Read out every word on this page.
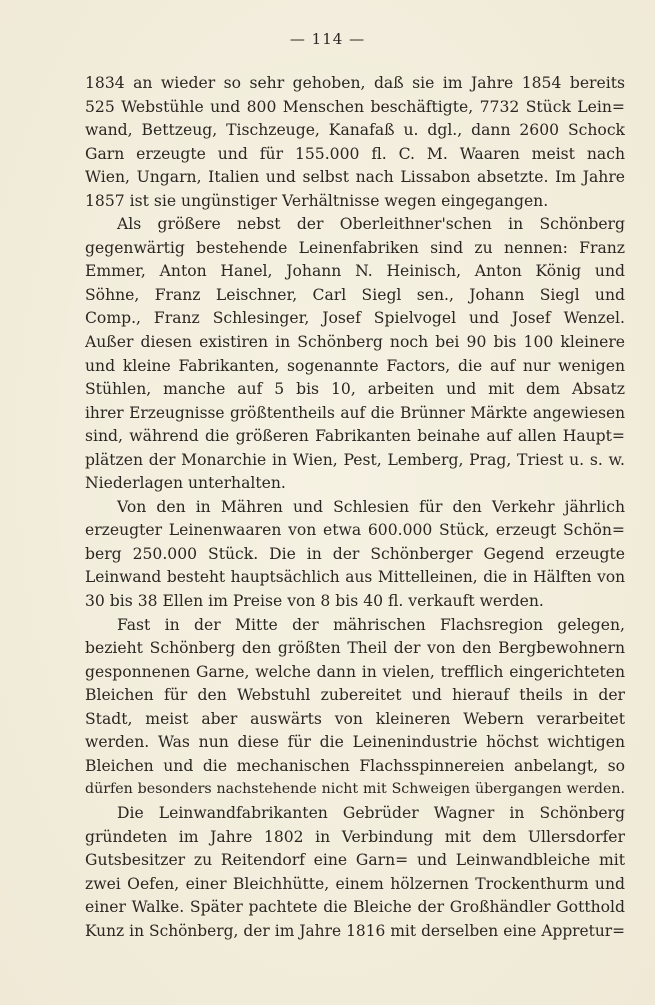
— 114 —
1834 an wieder so sehr gehoben, daß sie im Jahre 1854 bereits
525 Webstühle und 800 Menschen beschäftigte, 7732 Stück Lein=
wand, Bettzeug, Tischzeuge, Kanafaß u. dgl., dann 2600 Schock
Garn erzeugte und für 155.000 fl. C. M. Waaren meist nach
Wien, Ungarn, Italien und selbst nach Lissabon absetzte. Im Jahre
1857 ist sie ungünstiger Verhältnisse wegen eingegangen.
Als größere nebst der Oberleithner'schen in Schönberg
gegenwärtig bestehende Leinenfabriken sind zu nennen: Franz
Emmer, Anton Hanel, Johann N. Heinisch, Anton König und
Söhne, Franz Leischner, Carl Siegl sen., Johann Siegl und
Comp., Franz Schlesinger, Josef Spielvogel und Josef Wenzel.
Außer diesen existiren in Schönberg noch bei 90 bis 100 kleinere
und kleine Fabrikanten, sogenannte Factors, die auf nur wenigen
Stühlen, manche auf 5 bis 10, arbeiten und mit dem Absatz
ihrer Erzeugnisse größtentheils auf die Brünner Märkte angewiesen
sind, während die größeren Fabrikanten beinahe auf allen Haupt=
plätzen der Monarchie in Wien, Pest, Lemberg, Prag, Triest u. s. w.
Niederlagen unterhalten.
Von den in Mähren und Schlesien für den Verkehr jährlich
erzeugter Leinenwaaren von etwa 600.000 Stück, erzeugt Schön=
berg 250.000 Stück. Die in der Schönberger Gegend erzeugte
Leinwand besteht hauptsächlich aus Mittelleinen, die in Hälften von
30 bis 38 Ellen im Preise von 8 bis 40 fl. verkauft werden.
Fast in der Mitte der mährischen Flachsregion gelegen,
bezieht Schönberg den größten Theil der von den Bergbewohnern
gesponnenen Garne, welche dann in vielen, trefflich eingerichteten
Bleichen für den Webstuhl zubereitet und hierauf theils in der
Stadt, meist aber auswärts von kleineren Webern verarbeitet
werden. Was nun diese für die Leinenindustrie höchst wichtigen
Bleichen und die mechanischen Flachsspinnereien anbelangt, so
dürfen besonders nachstehende nicht mit Schweigen übergangen werden.
Die Leinwandfabrikanten Gebrüder Wagner in Schönberg
gründeten im Jahre 1802 in Verbindung mit dem Ullersdorfer
Gutsbesitzer zu Reitendorf eine Garn= und Leinwandbleiche mit
zwei Oefen, einer Bleichhütte, einem hölzernen Trockenthurm und
einer Walke. Später pachtete die Bleiche der Großhändler Gotthold
Kunz in Schönberg, der im Jahre 1816 mit derselben eine Appretur=
